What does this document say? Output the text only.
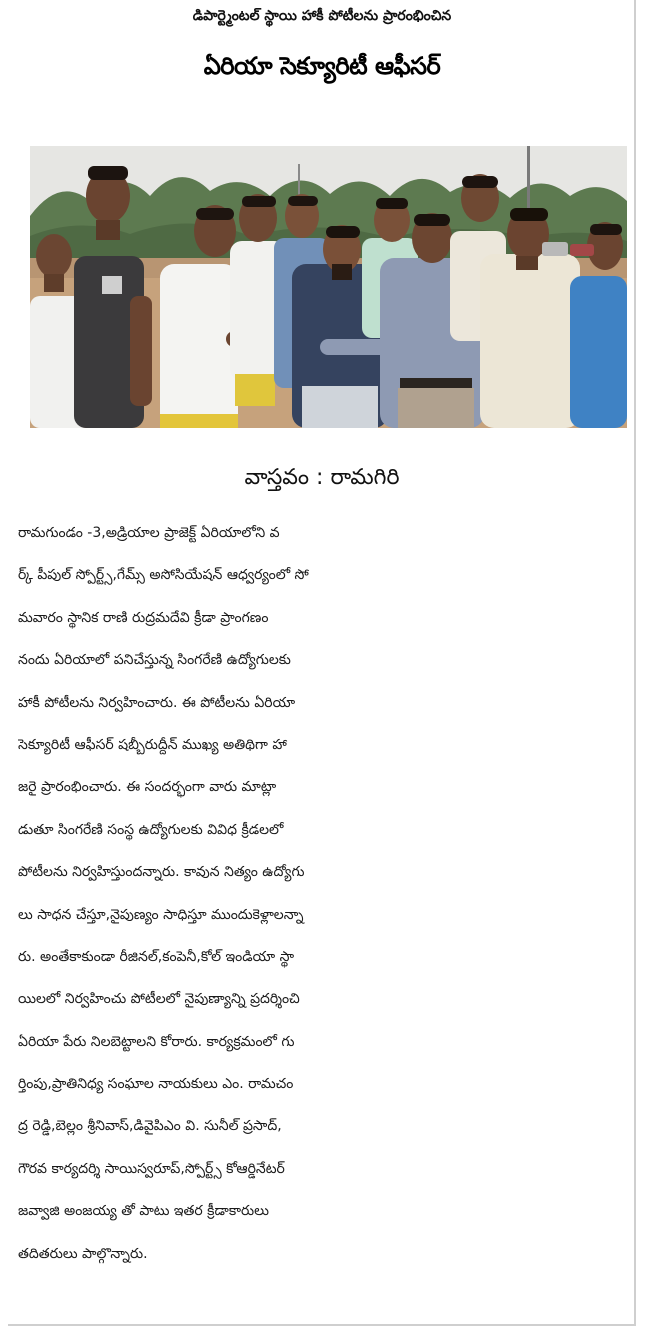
డిపార్ట్మెంటల్ స్థాయి హాకీ పోటీలను ప్రారంభించిన
ఏరియా సెక్యూరిటీ ఆఫీసర్
వాస్తవం : రామగిరి
రామగుండం -3,అడ్రియాల ప్రాజెక్ట్ ఏరియాలోని వ
ర్క్ పీపుల్ స్పోర్ట్స్,గేమ్స్ అసోసియేషన్ ఆధ్వర్యంలో సో
మవారం స్థానిక రాణి రుద్రమదేవి క్రీడా ప్రాంగణం
నందు ఏరియాలో పనిచేస్తున్న సింగరేణి ఉద్యోగులకు
హాకీ పోటీలను నిర్వహించారు. ఈ పోటీలను ఏరియా
సెక్యూరిటీ ఆఫీసర్ షబ్బీరుద్దీన్ ముఖ్య అతిథిగా హా
జరై ప్రారంభించారు. ఈ సందర్భంగా వారు మాట్లా
డుతూ సింగరేణి సంస్థ ఉద్యోగులకు వివిధ క్రీడలలో
పోటీలను నిర్వహిస్తుందన్నారు. కావున నిత్యం ఉద్యోగు
లు సాధన చేస్తూ,నైపుణ్యం సాధిస్తూ ముందుకెళ్లాలన్నా
రు. అంతేకాకుండా రీజినల్,కంపెనీ,కోల్ ఇండియా స్థా
యిలలో నిర్వహించు పోటీలలో నైపుణ్యాన్ని ప్రదర్శించి
ఏరియా పేరు నిలబెట్టాలని కోరారు. కార్యక్రమంలో గు
ర్తింపు,ప్రాతినిధ్య సంఘాల నాయకులు ఎం. రామచం
ద్ర రెడ్డి,బెల్లం శ్రీనివాస్,డివైపిఎం వి. సునీల్ ప్రసాద్,
గౌరవ కార్యదర్శి సాయిస్వరూప్,స్పోర్ట్స్ కోఆర్డినేటర్
జవ్వాజి అంజయ్య తో పాటు ఇతర క్రీడాకారులు
తదితరులు పాల్గొన్నారు.
